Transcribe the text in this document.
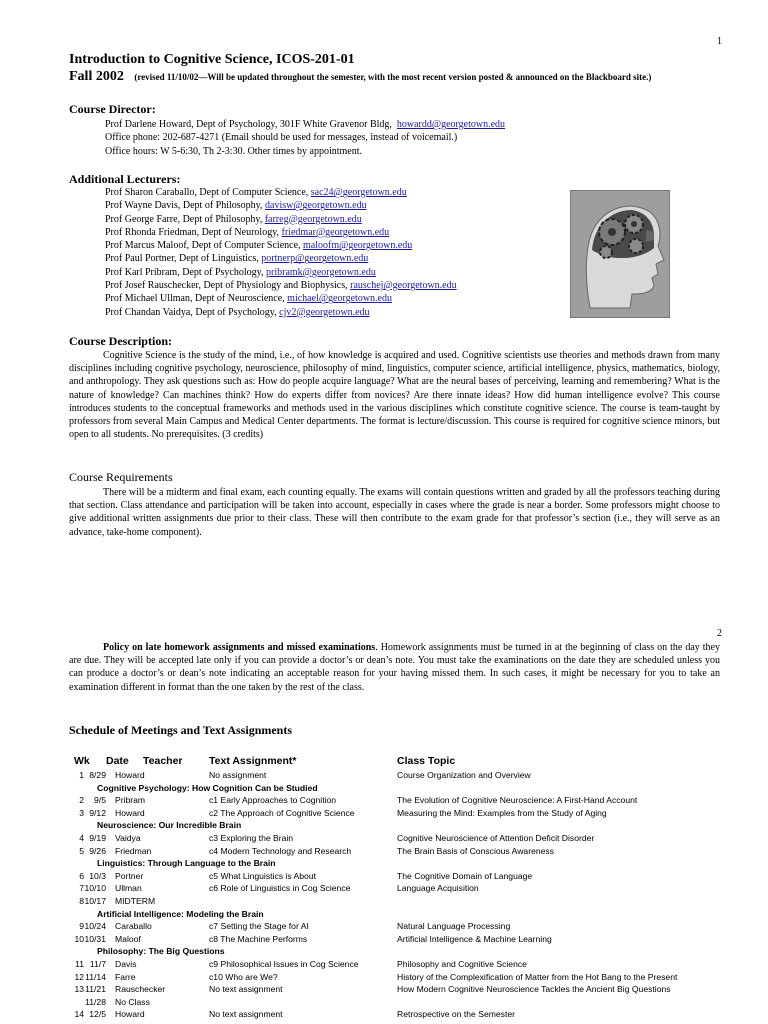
1
Introduction to Cognitive Science, ICOS-201-01
Fall 2002 (revised 11/10/02—Will be updated throughout the semester, with the most recent version posted & announced on the Blackboard site.)
Course Director:
Prof Darlene Howard, Dept of Psychology, 301F White Gravenor Bldg, howardd@georgetown.edu
Office phone: 202-687-4271 (Email should be used for messages, instead of voicemail.)
Office hours: W 5-6:30, Th 2-3:30. Other times by appointment.
Additional Lecturers:
Prof Sharon Caraballo, Dept of Computer Science, sac24@georgetown.edu
Prof Wayne Davis, Dept of Philosophy, davisw@georgetown.edu
Prof George Farre, Dept of Philosophy, farreg@georgetown.edu
Prof Rhonda Friedman, Dept of Neurology, friedmar@georgetown.edu
Prof Marcus Maloof, Dept of Computer Science, maloofm@georgetown.edu
Prof Paul Portner, Dept of Linguistics, portnerp@georgetown.edu
Prof Karl Pribram, Dept of Psychology, pribramk@georgetown.edu
Prof Josef Rauschecker, Dept of Physiology and Biophysics, rauschej@georgetown.edu
Prof Michael Ullman, Dept of Neuroscience, michael@georgetown.edu
Prof Chandan Vaidya, Dept of Psychology, cjv2@georgetown.edu
Course Description:
Cognitive Science is the study of the mind, i.e., of how knowledge is acquired and used. Cognitive scientists use theories and methods drawn from many disciplines including cognitive psychology, neuroscience, philosophy of mind, linguistics, computer science, artificial intelligence, physics, mathematics, biology, and anthropology. They ask questions such as: How do people acquire language? What are the neural bases of perceiving, learning and remembering? What is the nature of knowledge? Can machines think? How do experts differ from novices? Are there innate ideas? How did human intelligence evolve? This course introduces students to the conceptual frameworks and methods used in the various disciplines which constitute cognitive science. The course is team-taught by professors from several Main Campus and Medical Center departments. The format is lecture/discussion. This course is required for cognitive science minors, but open to all students. No prerequisites. (3 credits)
Course Requirements
There will be a midterm and final exam, each counting equally. The exams will contain questions written and graded by all the professors teaching during that section. Class attendance and participation will be taken into account, especially in cases where the grade is near a border. Some professors might choose to give additional written assignments due prior to their class. These will then contribute to the exam grade for that professor’s section (i.e., they will serve as an advance, take-home component).
2
Policy on late homework assignments and missed examinations. Homework assignments must be turned in at the beginning of class on the day they are due. They will be accepted late only if you can provide a doctor’s or dean’s note. You must take the examinations on the date they are scheduled unless you can produce a doctor’s or dean’s note indicating an acceptable reason for your having missed them. In such cases, it might be necessary for you to take an examination different in format than the one taken by the rest of the class.
Schedule of Meetings and Text Assignments
Wk Date Teacher	Text Assignment*	Class Topic
1 8/29 Howard	No assignment	Course Organization and Overview
Cognitive Psychology: How Cognition Can be Studied
2	9/5 Pribram	c1 Early Approaches to Cognition	The Evolution of Cognitive Neuroscience: A First-Hand Account
3 9/12 Howard	c2 The Approach of Cognitive Science	Measuring the Mind: Examples from the Study of Aging
Neuroscience: Our Incredible Brain
4 9/19 Vaidya	c3 Exploring the Brain	Cognitive Neuroscience of Attention Deficit Disorder
5 9/26 Friedman	c4 Modern Technology and Research	The Brain Basis of Conscious Awareness
Linguistics: Through Language to the Brain
6 10/3 Portner	c5 What Linguistics is About	The Cognitive Domain of Language
7 10/10 Ullman	c6 Role of Linguistics in Cog Science	Language Acquisition
8 10/17 MIDTERM
Artificial Intelligence: Modeling the Brain
9 10/24 Caraballo	c7 Setting the Stage for AI	Natural Language Processing
10 10/31 Maloof	c8 The Machine Performs	Artificial Intelligence & Machine Learning
Philosophy: The Big Questions
11 11/7 Davis	c9 Philosophical Issues in Cog Science	Philosophy and Cognitive Science
12 11/14 Farre	c10 Who are We?	History of the Complexification of Matter from the Hot Bang to the Present
13 11/21 Rauschecker	No text assignment	How Modern Cognitive Neuroscience Tackles the Ancient Big Questions
11/28 No Class
14 12/5 Howard	No text assignment	Retrospective on the Semester
